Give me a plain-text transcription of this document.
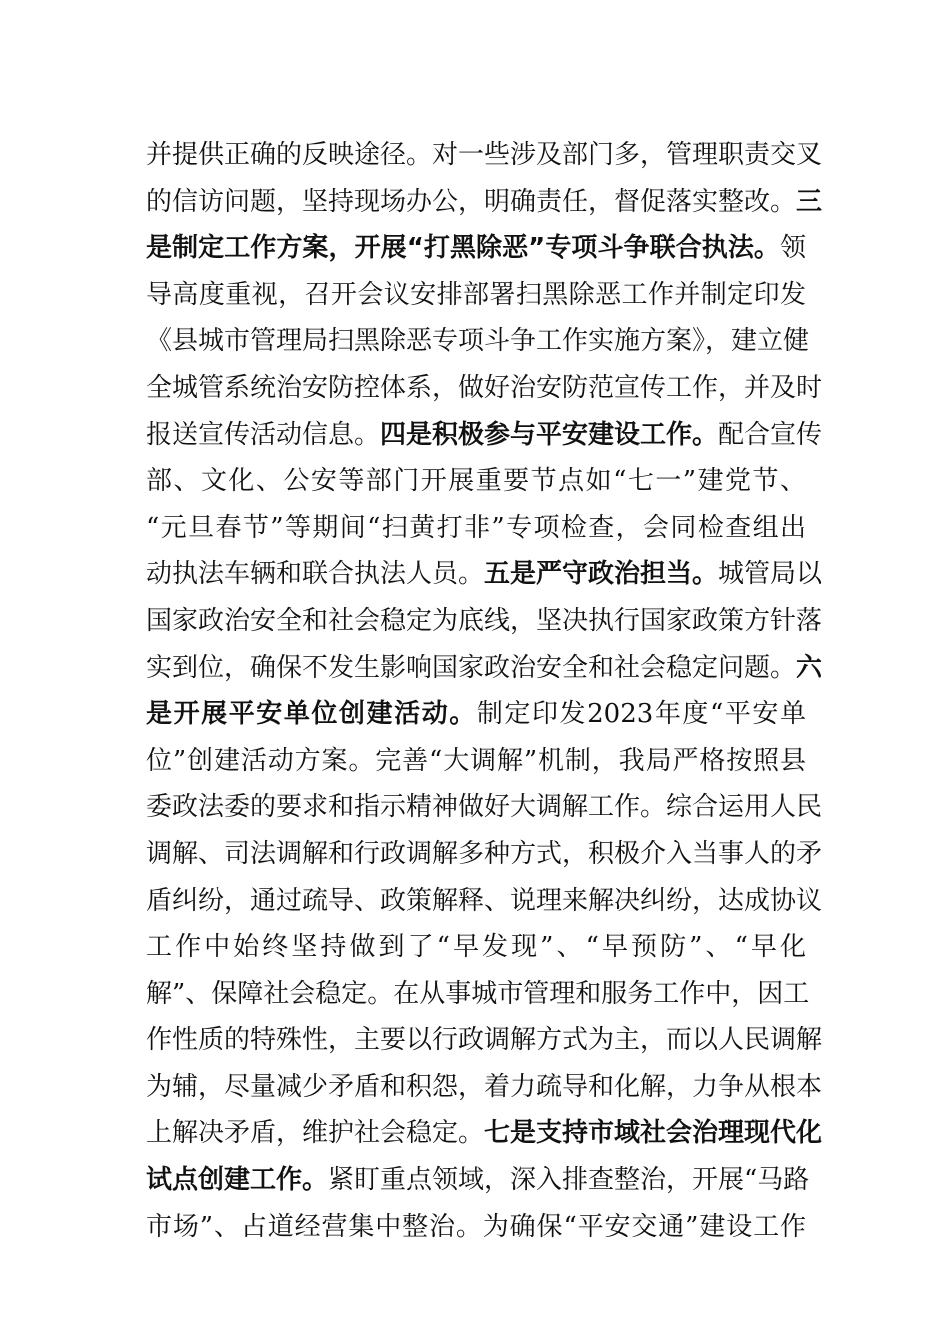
并提供正确的反映途径。对一些涉及部门多，管理职责交叉
的信访问题，坚持现场办公，明确责任，督促落实整改。三
是制定工作方案，开展“打黑除恶”专项斗争联合执法。领
导高度重视，召开会议安排部署扫黑除恶工作并制定印发
《县城市管理局扫黑除恶专项斗争工作实施方案》，建立健
全城管系统治安防控体系，做好治安防范宣传工作，并及时
报送宣传活动信息。四是积极参与平安建设工作。配合宣传
部、文化、公安等部门开展重要节点如“七一”建党节、
“元旦春节”等期间“扫黄打非”专项检查，会同检查组出
动执法车辆和联合执法人员。五是严守政治担当。城管局以
国家政治安全和社会稳定为底线，坚决执行国家政策方针落
实到位，确保不发生影响国家政治安全和社会稳定问题。六
是开展平安单位创建活动。制定印发2023年度“平安单
位”创建活动方案。完善“大调解”机制，我局严格按照县
委政法委的要求和指示精神做好大调解工作。综合运用人民
调解、司法调解和行政调解多种方式，积极介入当事人的矛
盾纠纷，通过疏导、政策解释、说理来解决纠纷，达成协议
工作中始终坚持做到了“早发现”、“早预防”、“早化
解”、保障社会稳定。在从事城市管理和服务工作中，因工
作性质的特殊性，主要以行政调解方式为主，而以人民调解
为辅，尽量减少矛盾和积怨，着力疏导和化解，力争从根本
上解决矛盾，维护社会稳定。七是支持市域社会治理现代化
试点创建工作。紧盯重点领域，深入排查整治，开展“马路
市场”、占道经营集中整治。为确保“平安交通”建设工作
